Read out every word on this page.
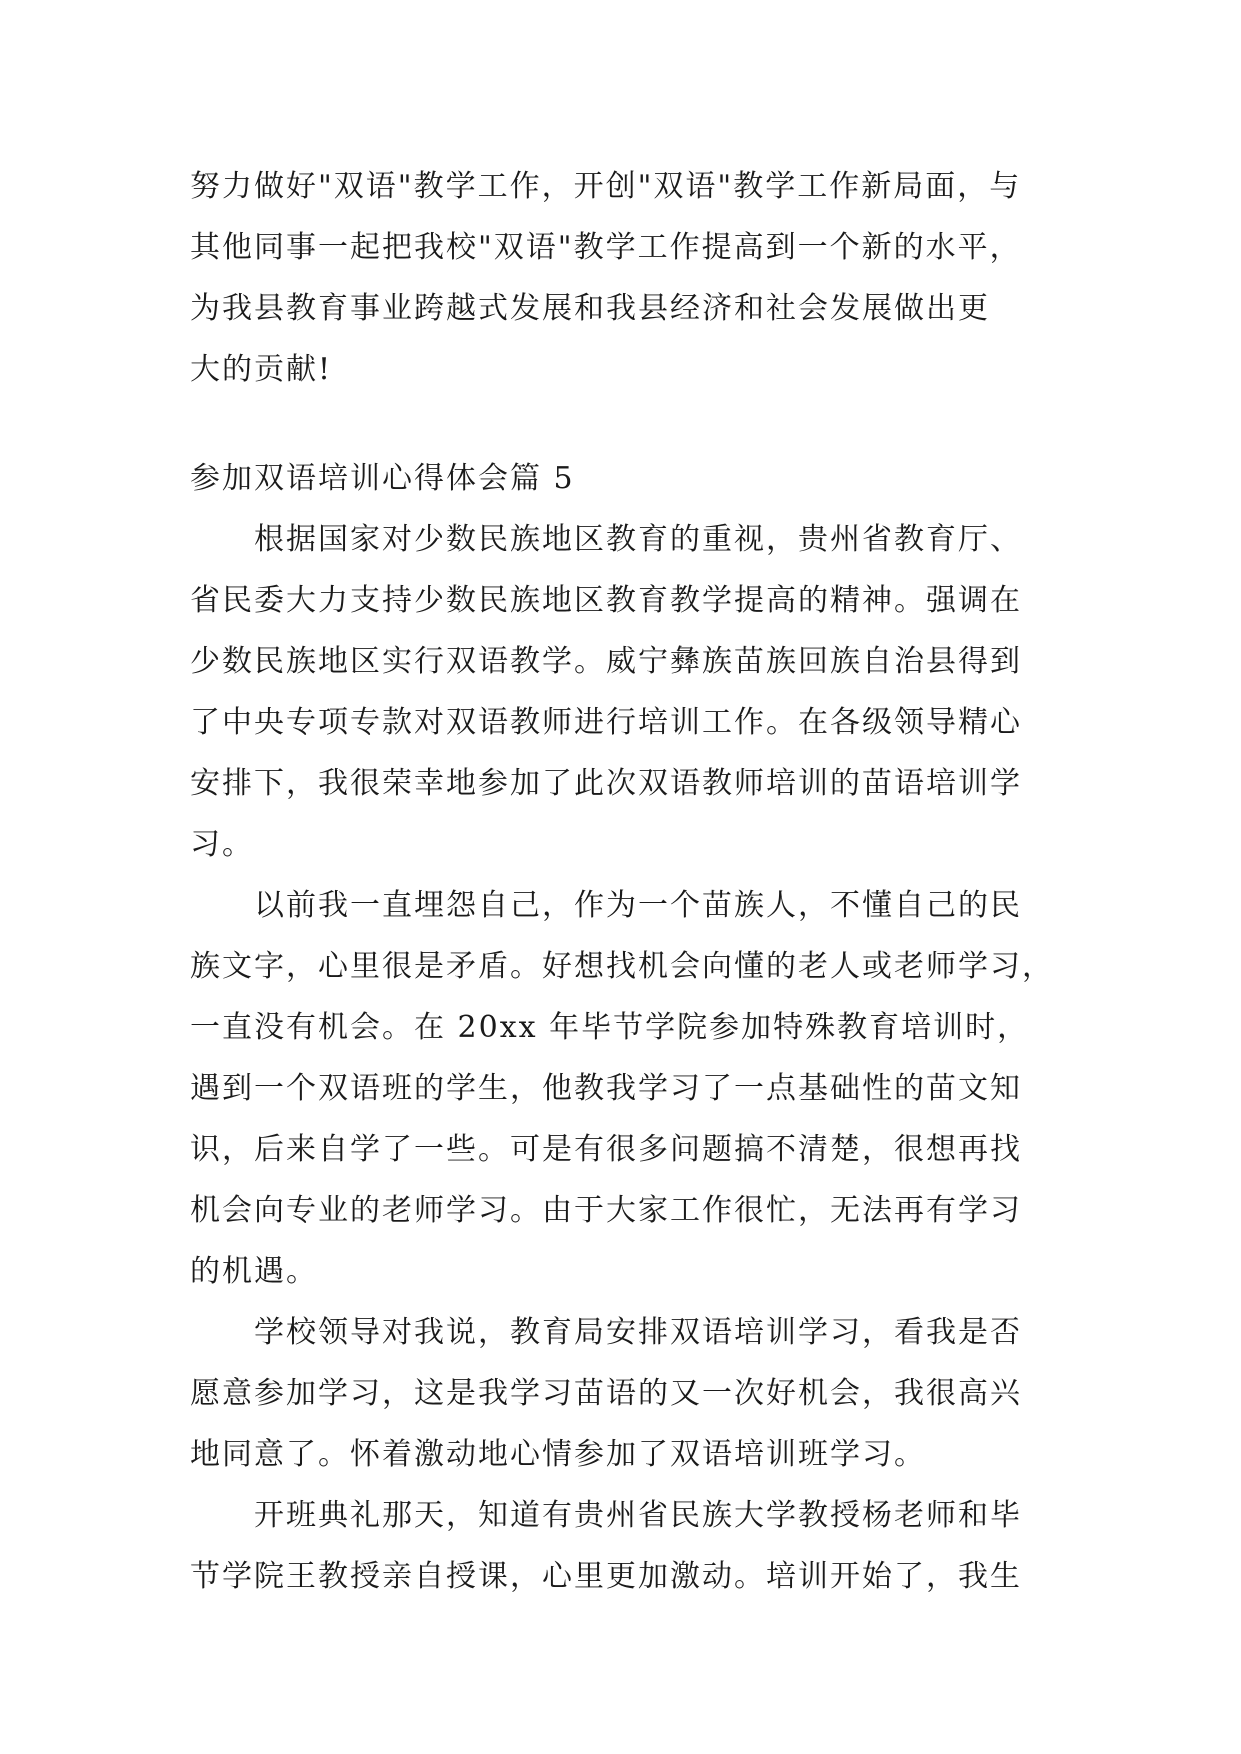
努力做好"双语"教学工作，开创"双语"教学工作新局面，与
其他同事一起把我校"双语"教学工作提高到一个新的水平，
为我县教育事业跨越式发展和我县经济和社会发展做出更
大的贡献!
参加双语培训心得体会篇 5
根据国家对少数民族地区教育的重视，贵州省教育厅、
省民委大力支持少数民族地区教育教学提高的精神。强调在
少数民族地区实行双语教学。威宁彝族苗族回族自治县得到
了中央专项专款对双语教师进行培训工作。在各级领导精心
安排下，我很荣幸地参加了此次双语教师培训的苗语培训学
习。
以前我一直埋怨自己，作为一个苗族人，不懂自己的民
族文字，心里很是矛盾。好想找机会向懂的老人或老师学习，
一直没有机会。在 20xx 年毕节学院参加特殊教育培训时，
遇到一个双语班的学生，他教我学习了一点基础性的苗文知
识，后来自学了一些。可是有很多问题搞不清楚，很想再找
机会向专业的老师学习。由于大家工作很忙，无法再有学习
的机遇。
学校领导对我说，教育局安排双语培训学习，看我是否
愿意参加学习，这是我学习苗语的又一次好机会，我很高兴
地同意了。怀着激动地心情参加了双语培训班学习。
开班典礼那天，知道有贵州省民族大学教授杨老师和毕
节学院王教授亲自授课，心里更加激动。培训开始了，我生
